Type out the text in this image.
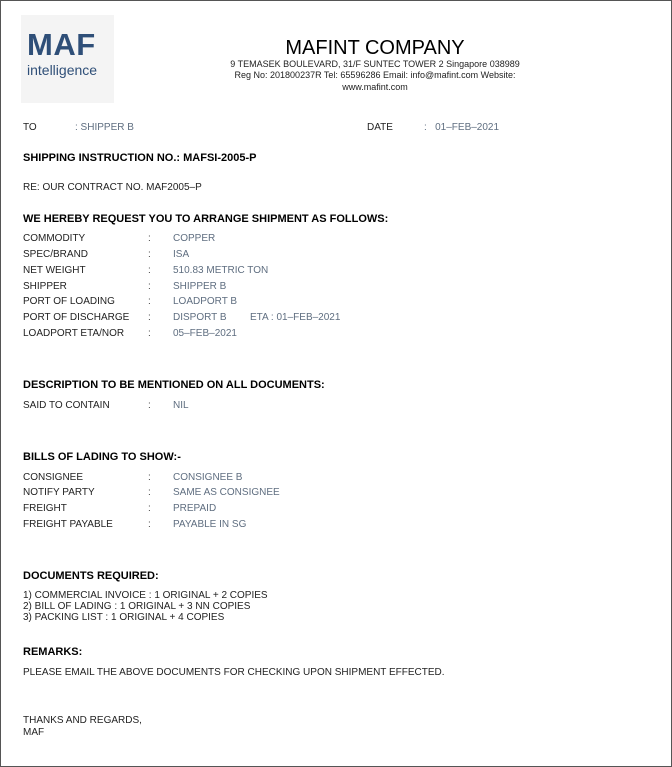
MAF
intelligence
MAFINT COMPANY
9 TEMASEK BOULEVARD, 31/F SUNTEC TOWER 2 Singapore 038989
Reg No: 201800237R Tel: 65596286 Email: info@mafint.com Website: www.mafint.com
TO	: SHIPPER B	DATE	:   01–FEB–2021
SHIPPING INSTRUCTION NO.: MAFSI-2005-P
RE: OUR CONTRACT NO. MAF2005–P
WE HEREBY REQUEST YOU TO ARRANGE SHIPMENT AS FOLLOWS:
COMMODITY	: COPPER
SPEC/BRAND	: ISA
NET WEIGHT	: 510.83 METRIC TON
SHIPPER	: SHIPPER B
PORT OF LOADING	: LOADPORT B
PORT OF DISCHARGE : DISPORT B ETA : 01–FEB–2021
LOADPORT ETA/NOR : 05–FEB–2021
DESCRIPTION TO BE MENTIONED ON ALL DOCUMENTS:
SAID TO CONTAIN	: NIL
BILLS OF LADING TO SHOW:-
CONSIGNEE	: CONSIGNEE B
NOTIFY PARTY	: SAME AS CONSIGNEE
FREIGHT	: PREPAID
FREIGHT PAYABLE	: PAYABLE IN SG
DOCUMENTS REQUIRED:
1) COMMERCIAL INVOICE : 1 ORIGINAL + 2 COPIES
2) BILL OF LADING : 1 ORIGINAL + 3 NN COPIES
3) PACKING LIST : 1 ORIGINAL + 4 COPIES
REMARKS:
PLEASE EMAIL THE ABOVE DOCUMENTS FOR CHECKING UPON SHIPMENT EFFECTED.
THANKS AND REGARDS,
MAF
